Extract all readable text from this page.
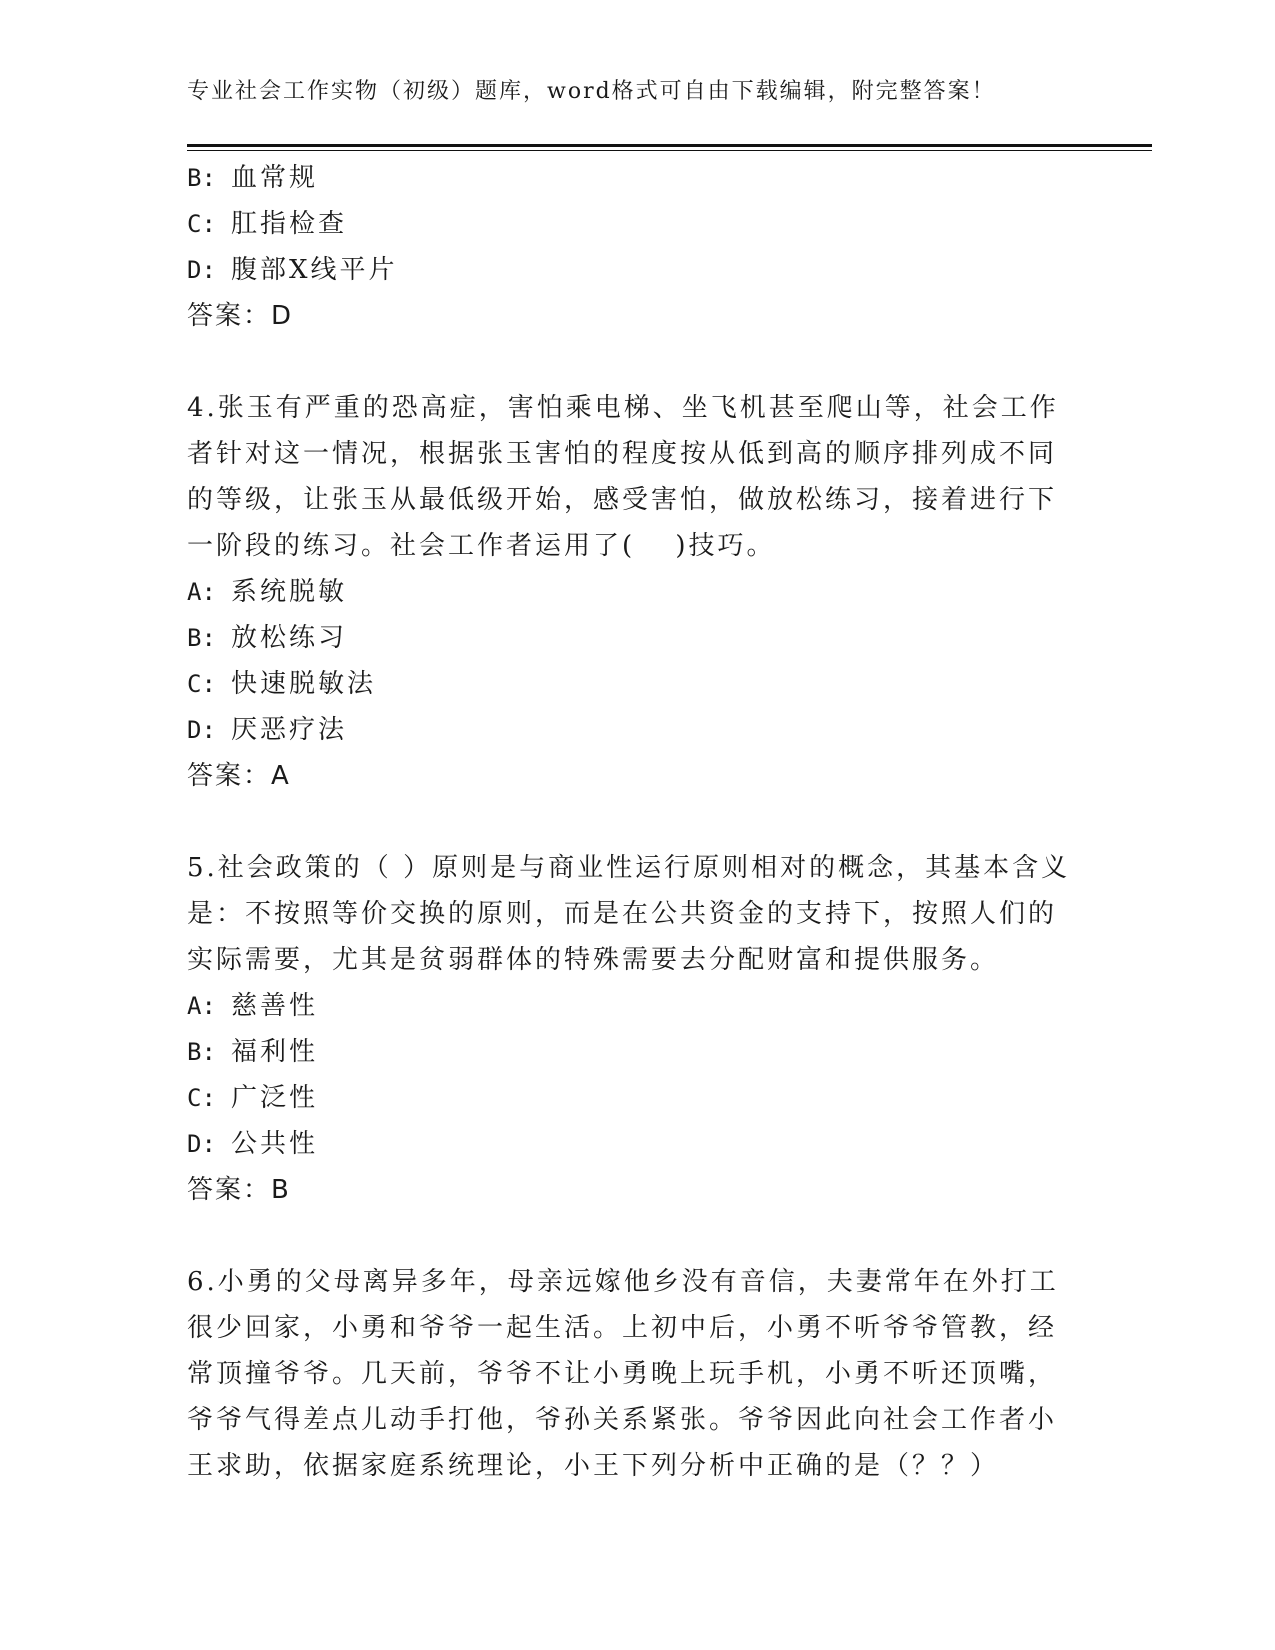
专业社会工作实物（初级）题库，word格式可自由下载编辑，附完整答案！
B: 血常规
C: 肛指检查
D: 腹部X线平片
答案：D
4.张玉有严重的恐高症，害怕乘电梯、坐飞机甚至爬山等，社会工作
者针对这一情况，根据张玉害怕的程度按从低到高的顺序排列成不同
的等级，让张玉从最低级开始，感受害怕，做放松练习，接着进行下
一阶段的练习。社会工作者运用了(　 )技巧。
A: 系统脱敏
B: 放松练习
C: 快速脱敏法
D: 厌恶疗法
答案：A
5.社会政策的（ ）原则是与商业性运行原则相对的概念，其基本含义
是：不按照等价交换的原则，而是在公共资金的支持下，按照人们的
实际需要，尤其是贫弱群体的特殊需要去分配财富和提供服务。
A: 慈善性
B: 福利性
C: 广泛性
D: 公共性
答案：B
6.小勇的父母离异多年，母亲远嫁他乡没有音信，夫妻常年在外打工
很少回家，小勇和爷爷一起生活。上初中后，小勇不听爷爷管教，经
常顶撞爷爷。几天前，爷爷不让小勇晚上玩手机，小勇不听还顶嘴，
爷爷气得差点儿动手打他，爷孙关系紧张。爷爷因此向社会工作者小
王求助，依据家庭系统理论，小王下列分析中正确的是（？？）
